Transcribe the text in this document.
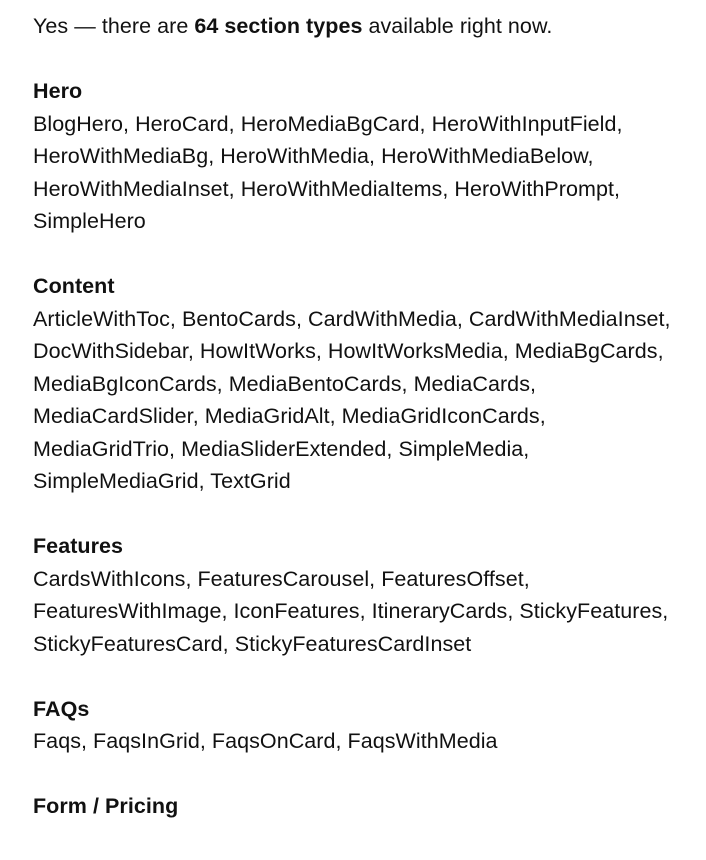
Yes — there are 64 section types available right now.

Hero

BlogHero, HeroCard, HeroMediaBgCard, HeroWithInputField, HeroWithMediaBg, HeroWithMedia, HeroWithMediaBelow, HeroWithMediaInset, HeroWithMediaItems, HeroWithPrompt, SimpleHero

Content

ArticleWithToc, BentoCards, CardWithMedia, CardWithMediaInset, DocWithSidebar, HowItWorks, HowItWorksMedia, MediaBgCards, MediaBgIconCards, MediaBentoCards, MediaCards, MediaCardSlider, MediaGridAlt, MediaGridIconCards, MediaGridTrio, MediaSliderExtended, SimpleMedia, SimpleMediaGrid, TextGrid

Features

CardsWithIcons, FeaturesCarousel, FeaturesOffset, FeaturesWithImage, IconFeatures, ItineraryCards, StickyFeatures, StickyFeaturesCard, StickyFeaturesCardInset

FAQs

Faqs, FaqsInGrid, FaqsOnCard, FaqsWithMedia

Form / Pricing
